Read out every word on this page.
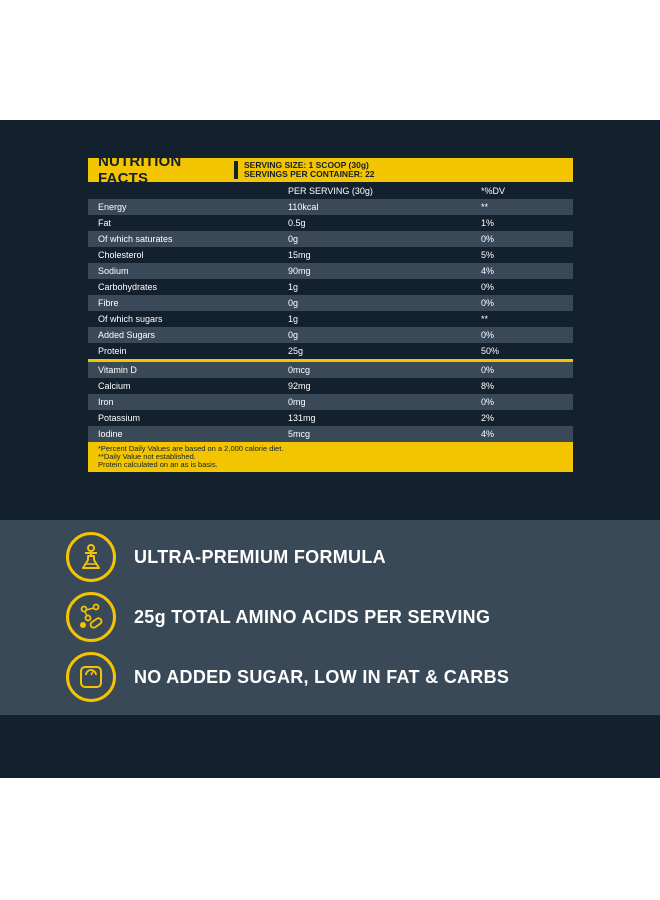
NUTRITION FACTS
SERVING SIZE: 1 SCOOP (30g)
SERVINGS PER CONTAINER: 22
PER SERVING (30g)	*%DV
Energy	110kcal	**
Fat	0.5g	1%
Of which saturates	0g	0%
Cholesterol	15mg	5%
Sodium	90mg	4%
Carbohydrates	1g	0%
Fibre	0g	0%
Of which sugars	1g	**
Added Sugars	0g	0%
Protein	25g	50%
Vitamin D	0mcg	0%
Calcium	92mg	8%
Iron	0mg	0%
Potassium	131mg	2%
Iodine	5mcg	4%
*Percent Daily Values are based on a 2,000 calorie diet.
**Daily Value not established.
Protein calculated on an as is basis.
ULTRA-PREMIUM FORMULA
25g TOTAL AMINO ACIDS PER SERVING
NO ADDED SUGAR, LOW IN FAT & CARBS
